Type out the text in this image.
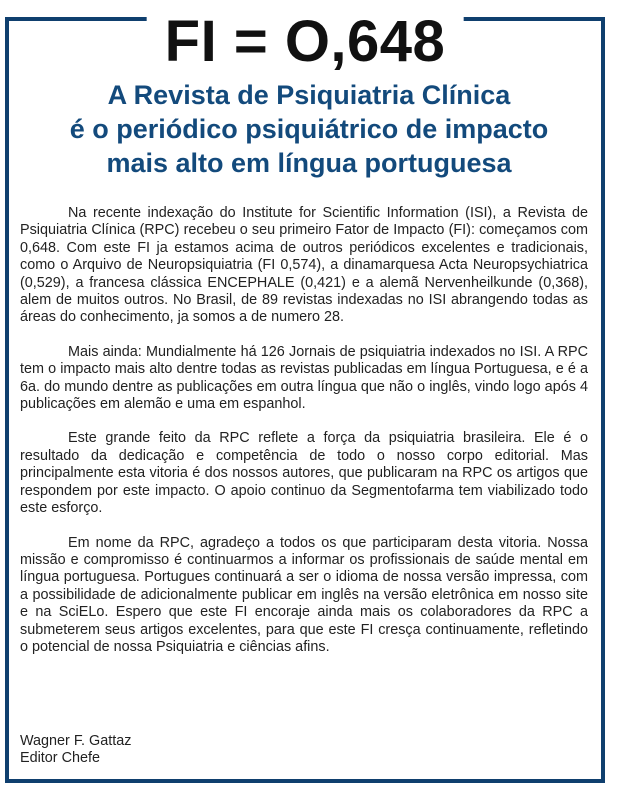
FI = O,648
A Revista de Psiquiatria Clínica
é o periódico psiquiátrico de impacto
mais alto em língua portuguesa

Na recente indexação do Institute for Scientific Information (ISI), a Revista de Psiquiatria Clínica (RPC) recebeu o seu primeiro Fator de Impacto (FI): começamos com 0,648. Com este FI ja estamos acima de outros periódicos excelentes e tradicionais, como o Arquivo de Neuropsiquiatria (FI 0,574), a dinamarquesa Acta Neuropsychiatrica (0,529), a francesa clássica ENCEPHALE (0,421) e a alemã Nervenheilkunde (0,368), alem de muitos outros. No Brasil, de 89 revistas indexadas no ISI abrangendo todas as áreas do conhecimento, ja somos a de numero 28.

Mais ainda: Mundialmente há 126 Jornais de psiquiatria indexados no ISI. A RPC tem o impacto mais alto dentre todas as revistas publicadas em língua Portuguesa, e é a 6a. do mundo dentre as publicações em outra língua que não o inglês, vindo logo após 4 publicações em alemão e uma em espanhol.

Este grande feito da RPC reflete a força da psiquiatria brasileira. Ele é o resultado da dedicação e competência de todo o nosso corpo editorial. Mas principalmente esta vitoria é dos nossos autores, que publicaram na RPC os artigos que respondem por este impacto. O apoio continuo da Segmentofarma tem viabilizado todo este esforço.

Em nome da RPC, agradeço a todos os que participaram desta vitoria. Nossa missão e compromisso é continuarmos a informar os profissionais de saúde mental em língua portuguesa. Portugues continuará a ser o idioma de nossa versão impressa, com a possibilidade de adicionalmente publicar em inglês na versão eletrônica em nosso site e na SciELo. Espero que este FI encoraje ainda mais os colaboradores da RPC a submeterem seus artigos excelentes, para que este FI cresça continuamente, refletindo o potencial de nossa Psiquiatria e ciências afins.

Wagner F. Gattaz
Editor Chefe
